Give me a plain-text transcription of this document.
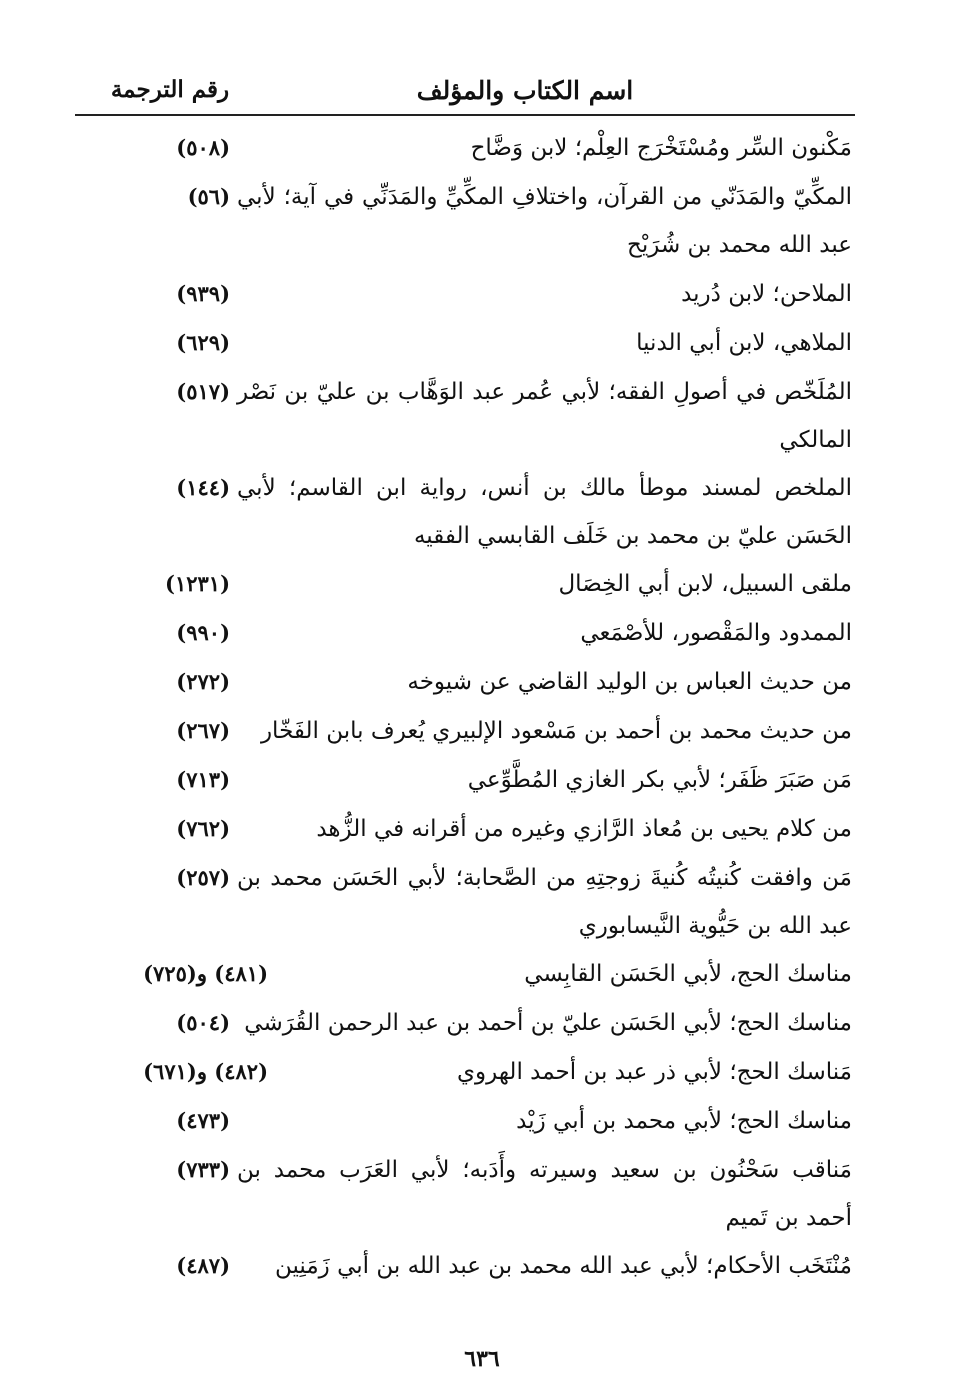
اسم الكتاب والمؤلف
رقم الترجمة
مَكْنون السِّر ومُسْتَخْرَج العِلْم؛ لابن وَضَّاح
(٥٠٨)
المكِّيّ والمَدَنّي من القرآن، واختلافِ المكِّيِّ والمَدَنِّي في آية؛ لأبي عبد الله محمد بن شُرَيْح
(٥٦)
الملاحن؛ لابن دُريد
(٩٣٩)
الملاهي، لابن أبي الدنيا
(٦٢٩)
المُلَخّص في أصولِ الفقه؛ لأبي عُمر عبد الوَهَّاب بن عليّ بن نَصْر المالكي
(٥١٧)
الملخص لمسند موطأ مالك بن أنس، رواية ابن القاسم؛ لأبي الحَسَن عليّ بن محمد بن خَلَف القابسي الفقيه
(١٤٤)
ملقى السبيل، لابن أبي الخِصَال
(١٢٣١)
الممدود والمَقْصور، للأصْمَعي
(٩٩٠)
من حديث العباس بن الوليد القاضي عن شيوخه
(٢٧٢)
من حديث محمد بن أحمد بن مَسْعود الإلبيري يُعرف بابن الفَخّار
(٢٦٧)
مَن صَبَرَ ظَفَر؛ لأبي بكر الغازي المُطَّوِّعي
(٧١٣)
من كلام يحيى بن مُعاذ الرَّازي وغيره من أقرانه في الزُّهد
(٧٦٢)
مَن وافقت كُنيتُه كُنيةَ زوجتِهِ من الصَّحابة؛ لأبي الحَسَن محمد بن عبد الله بن حَيُّوية النَّيسابوري
(٢٥٧)
مناسك الحج، لأبي الحَسَن القابِسي
(٤٨١) و(٧٢٥)
مناسك الحج؛ لأبي الحَسَن عليّ بن أحمد بن عبد الرحمن القُرَشي
(٥٠٤)
مَناسك الحج؛ لأبي ذر عبد بن أحمد الهروي
(٤٨٢) و(٦٧١)
مناسك الحج؛ لأبي محمد بن أبي زَيْد
(٤٧٣)
مَناقب سَحْنُون بن سعيد وسيرته وأَدَبه؛ لأبي العَرَب محمد بن أحمد بن تَميم
(٧٣٣)
مُنْتَخَب الأحكام؛ لأبي عبد الله محمد بن عبد الله بن أبي زَمَنِين
(٤٨٧)
٦٣٦
